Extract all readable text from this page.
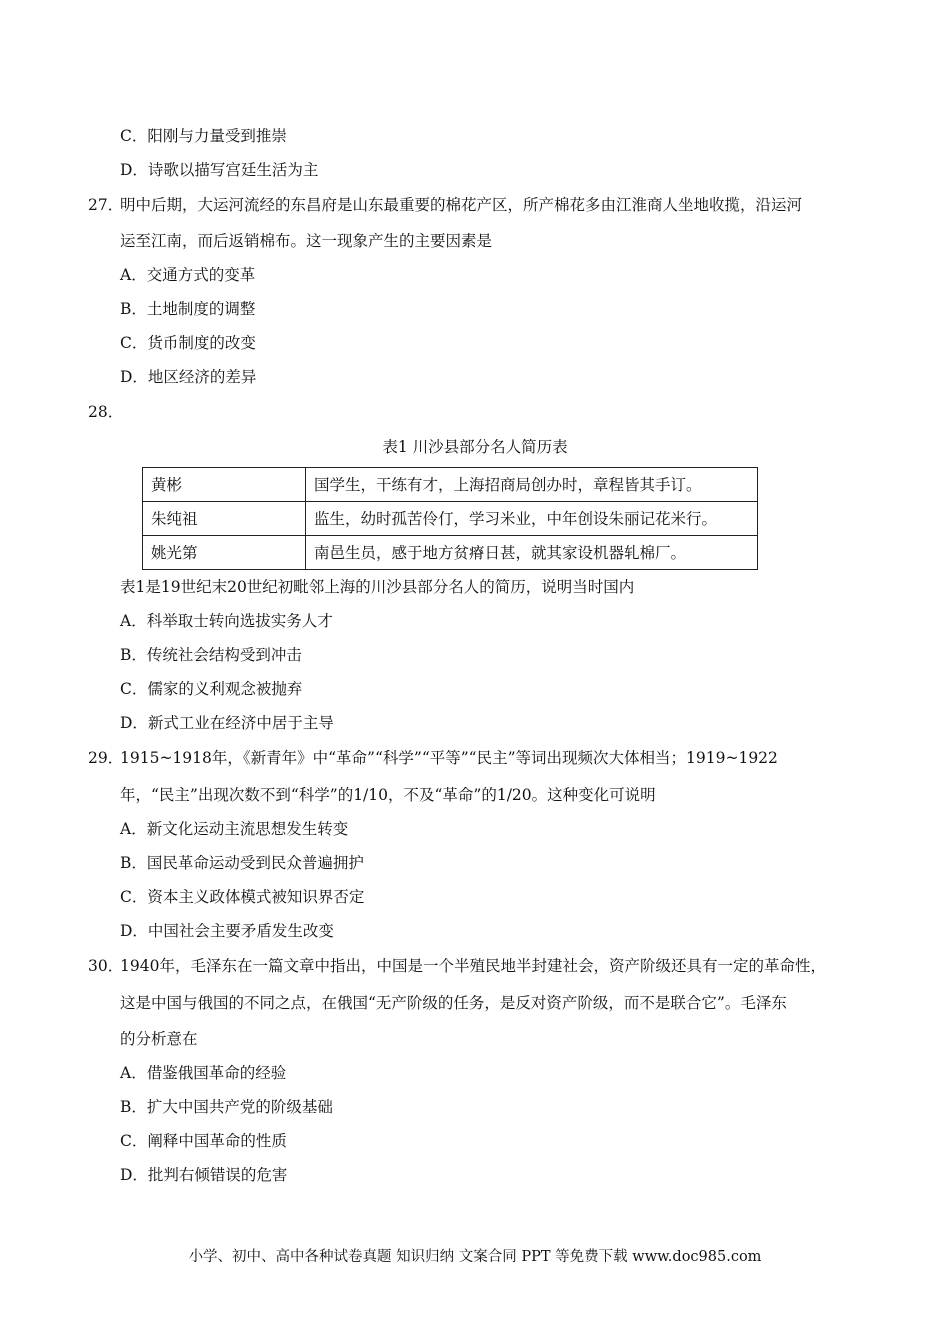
C．阳刚与力量受到推崇
D．诗歌以描写宫廷生活为主
27．
明中后期，大运河流经的东昌府是山东最重要的棉花产区，所产棉花多由江淮商人坐地收揽，沿运河
运至江南，而后返销棉布。这一现象产生的主要因素是
A．交通方式的变革
B．土地制度的调整
C．货币制度的改变
D．地区经济的差异
28．
表1 川沙县部分名人简历表
黄彬	国学生，干练有才，上海招商局创办时，章程皆其手订。
朱纯祖	监生，幼时孤苦伶仃，学习米业，中年创设朱丽记花米行。
姚光第	南邑生员，感于地方贫瘠日甚，就其家设机器轧棉厂。
表1是19世纪末20世纪初毗邻上海的川沙县部分名人的简历，说明当时国内
A．科举取士转向选拔实务人才
B．传统社会结构受到冲击
C．儒家的义利观念被抛弃
D．新式工业在经济中居于主导
29．
1915~1918年，《新青年》中“革命”“科学”“平等”“民主”等词出现频次大体相当；1919~1922
年，“民主”出现次数不到“科学”的1/10，不及“革命”的1/20。这种变化可说明
A．新文化运动主流思想发生转变
B．国民革命运动受到民众普遍拥护
C．资本主义政体模式被知识界否定
D．中国社会主要矛盾发生改变
30．
1940年，毛泽东在一篇文章中指出，中国是一个半殖民地半封建社会，资产阶级还具有一定的革命性，
这是中国与俄国的不同之点，在俄国“无产阶级的任务，是反对资产阶级，而不是联合它”。毛泽东
的分析意在
A．借鉴俄国革命的经验
B．扩大中国共产党的阶级基础
C．阐释中国革命的性质
D．批判右倾错误的危害
小学、初中、高中各种试卷真题 知识归纳 文案合同 PPT 等免费下载 www.doc985.com
